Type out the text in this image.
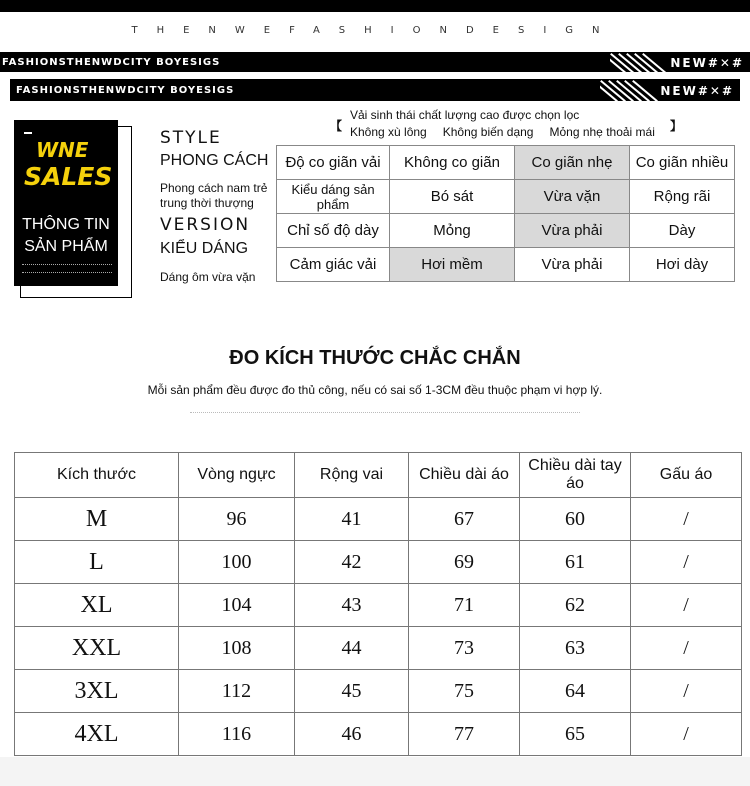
THENWEFASHIONDESIGN
FASHIONSTHENWDCITY BOYESIGS	NEW#✕#
FASHIONSTHENWDCITY BOYESIGS	NEW#✕#
WNE
SALES
THÔNG TIN
SẢN PHẨM
STYLE
PHONG CÁCH
Phong cách nam trẻ trung thời thượng
VERSION
KIỂU DÁNG
Dáng ôm vừa vặn
【
Vải sinh thái chất lượng cao được chọn lọc
Không xù lông Không biến dạng Mỏng nhẹ thoải mái 】
Độ co giãn vải	Không co giãn	Co giãn nhẹ	Co giãn nhiều
Kiểu dáng sản phẩm	Bó sát	Vừa vặn	Rộng rãi
Chỉ số độ dày	Mỏng	Vừa phải	Dày
Cảm giác vải	Hơi mềm	Vừa phải	Hơi dày
ĐO KÍCH THƯỚC CHẮC CHẮN
Mỗi sản phẩm đều được đo thủ công, nếu có sai số 1-3CM đều thuộc phạm vi hợp lý.
Kích thước	Vòng ngực	Rộng vai	Chiều dài áo	Chiều dài tay áo	Gấu áo
M	96	41	67	60	/
L	100	42	69	61	/
XL	104	43	71	62	/
XXL	108	44	73	63	/
3XL	112	45	75	64	/
4XL	116	46	77	65	/
